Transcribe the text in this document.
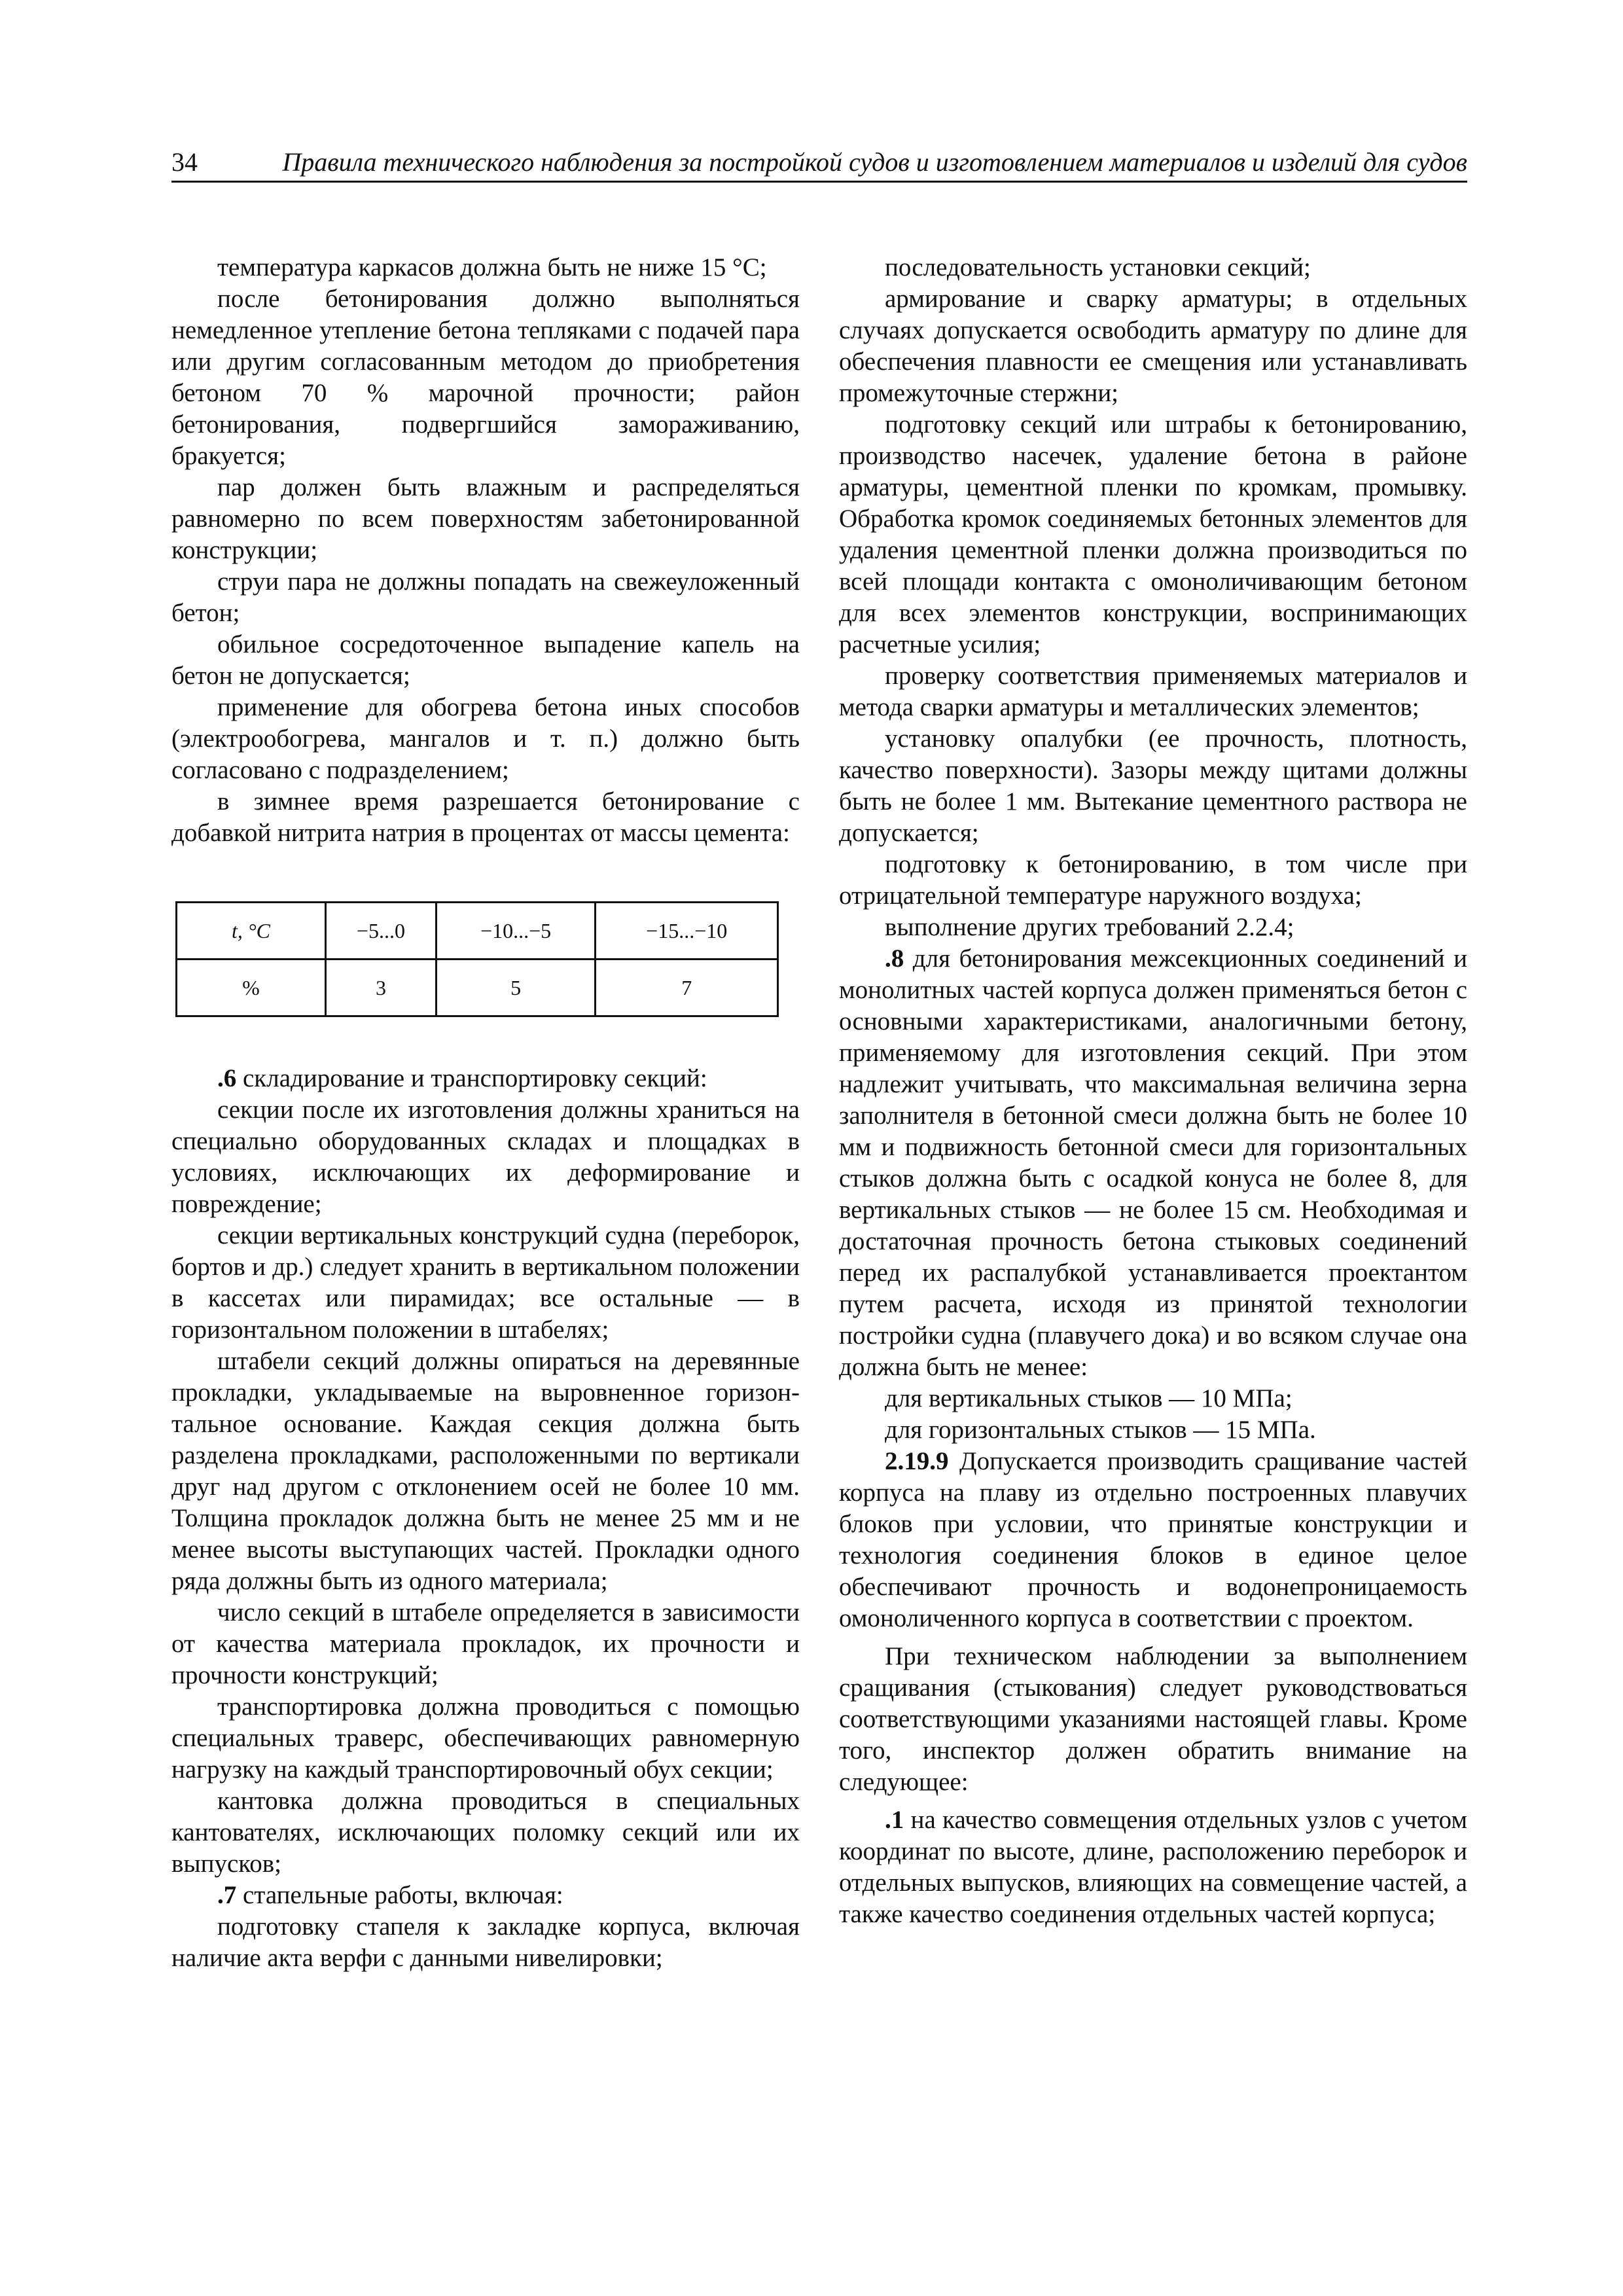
34	Правила технического наблюдения за постройкой судов и изготовлением материалов и изделий для судов

температура каркасов должна быть не ниже 15 °С;

после бетонирования должно выполняться немедленное утепление бетона тепляками с подачей пара или другим согласованным методом до приобретения бетоном 70 % марочной прочности; район бетонирования, подвергшийся замораживанию, бракуется;

пар должен быть влажным и распределяться равномерно по всем поверхностям забетонированной конструкции;

струи пара не должны попадать на свежеуложенный бетон;

обильное сосредоточенное выпадение капель на бетон не допускается;

применение для обогрева бетона иных способов (электрообогрева, мангалов и т. п.) должно быть согласовано с подразделением;

в зимнее время разрешается бетонирование с добавкой нитрита натрия в процентах от массы цемента:

t, °С	−5...0	−10...−5	−15...−10
%	3	5	7

.6 складирование и транспортировку секций:

секции после их изготовления должны храниться на специально оборудованных складах и площадках в условиях, исключающих их деформирование и повреждение;

секции вертикальных конструкций судна (переборок, бортов и др.) следует хранить в вертикальном положении в кассетах или пирамидах; все остальные — в горизонтальном положении в штабелях;

штабели секций должны опираться на деревянные прокладки, укладываемые на выровненное горизонтальное основание. Каждая секция должна быть разделена прокладками, расположенными по вертикали друг над другом с отклонением осей не более 10 мм. Толщина прокладок должна быть не менее 25 мм и не менее высоты выступающих частей. Прокладки одного ряда должны быть из одного материала;

число секций в штабеле определяется в зависимости от качества материала прокладок, их прочности и прочности конструкций;

транспортировка должна проводиться с помощью специальных траверс, обеспечивающих равномерную нагрузку на каждый транспортировочный обух секции;

кантовка должна проводиться в специальных кантователях, исключающих поломку секций или их выпусков;

.7 стапельные работы, включая:

подготовку стапеля к закладке корпуса, включая наличие акта верфи с данными нивелировки;

последовательность установки секций;

армирование и сварку арматуры; в отдельных случаях допускается освободить арматуру по длине для обеспечения плавности ее смещения или устанавливать промежуточные стержни;

подготовку секций или штрабы к бетонированию, производство насечек, удаление бетона в районе арматуры, цементной пленки по кромкам, промывку. Обработка кромок соединяемых бетонных элементов для удаления цементной пленки должна производиться по всей площади контакта с омоноличивающим бетоном для всех элементов конструкции, воспринимающих расчетные усилия;

проверку соответствия применяемых материалов и метода сварки арматуры и металлических элементов;

установку опалубки (ее прочность, плотность, качество поверхности). Зазоры между щитами должны быть не более 1 мм. Вытекание цементного раствора не допускается;

подготовку к бетонированию, в том числе при отрицательной температуре наружного воздуха;

выполнение других требований 2.2.4;

.8 для бетонирования межсекционных соединений и монолитных частей корпуса должен применяться бетон с основными характеристиками, аналогичными бетону, применяемому для изготовления секций. При этом надлежит учитывать, что максимальная величина зерна заполнителя в бетонной смеси должна быть не более 10 мм и подвижность бетонной смеси для горизонтальных стыков должна быть с осадкой конуса не более 8, для вертикальных стыков — не более 15 см. Необходимая и достаточная прочность бетона стыковых соединений перед их распалубкой устанавливается проектантом путем расчета, исходя из принятой технологии постройки судна (плавучего дока) и во всяком случае она должна быть не менее:

для вертикальных стыков — 10 МПа;

для горизонтальных стыков — 15 МПа.

2.19.9 Допускается производить сращивание частей корпуса на плаву из отдельно построенных плавучих блоков при условии, что принятые конструкции и технология соединения блоков в единое целое обеспечивают прочность и водонепроницаемость омоноличенного корпуса в соответствии с проектом.

При техническом наблюдении за выполнением сращивания (стыкования) следует руководствоваться соответствующими указаниями настоящей главы. Кроме того, инспектор должен обратить внимание на следующее:

.1 на качество совмещения отдельных узлов с учетом координат по высоте, длине, расположению переборок и отдельных выпусков, влияющих на совмещение частей, а также качество соединения отдельных частей корпуса;
